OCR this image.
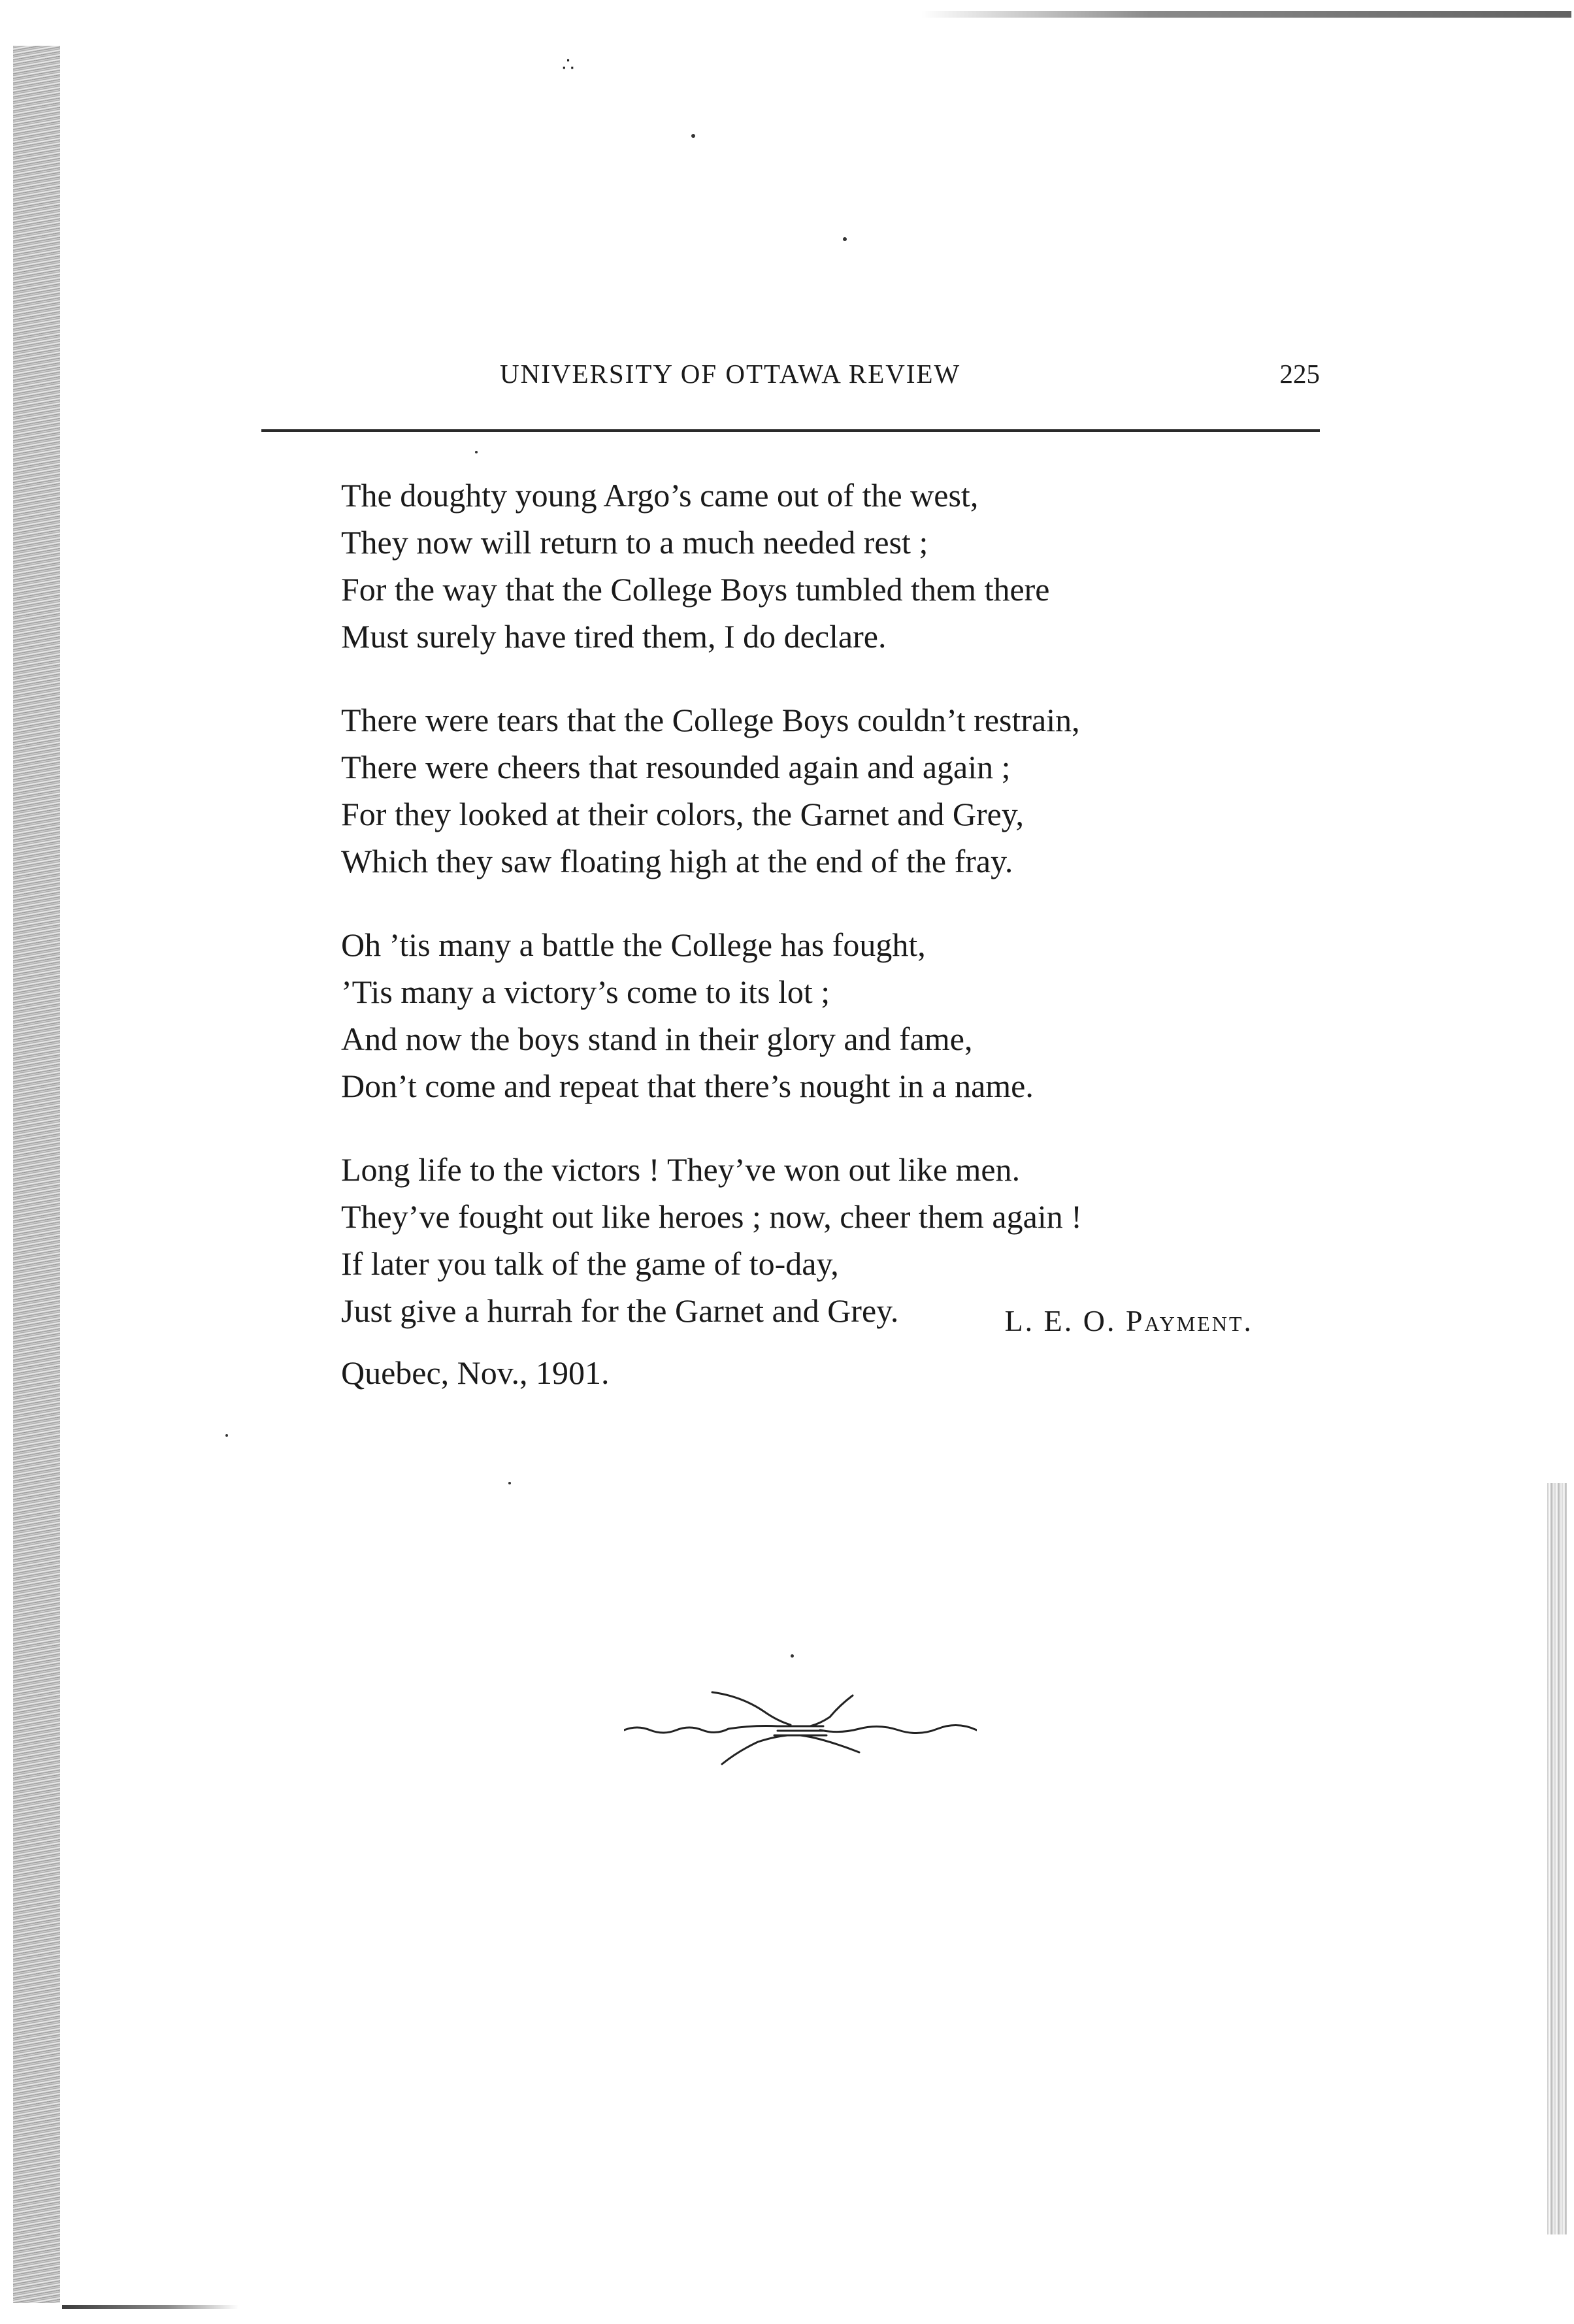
∴
UNIVERSITY OF OTTAWA REVIEW	225
The doughty young Argo’s came out of the west,
They now will return to a much needed rest ;
For the way that the College Boys tumbled them there
Must surely have tired them, I do declare.
There were tears that the College Boys couldn’t restrain,
There were cheers that resounded again and again ;
For they looked at their colors, the Garnet and Grey,
Which they saw floating high at the end of the fray.
Oh ’tis many a battle the College has fought,
’Tis many a victory’s come to its lot ;
And now the boys stand in their glory and fame,
Don’t come and repeat that there’s nought in a name.
Long life to the victors ! They’ve won out like men.
They’ve fought out like heroes ; now, cheer them again !
If later you talk of the game of to-day,
Just give a hurrah for the Garnet and Grey.	L. E. O. Payment.
Quebec, Nov., 1901.
